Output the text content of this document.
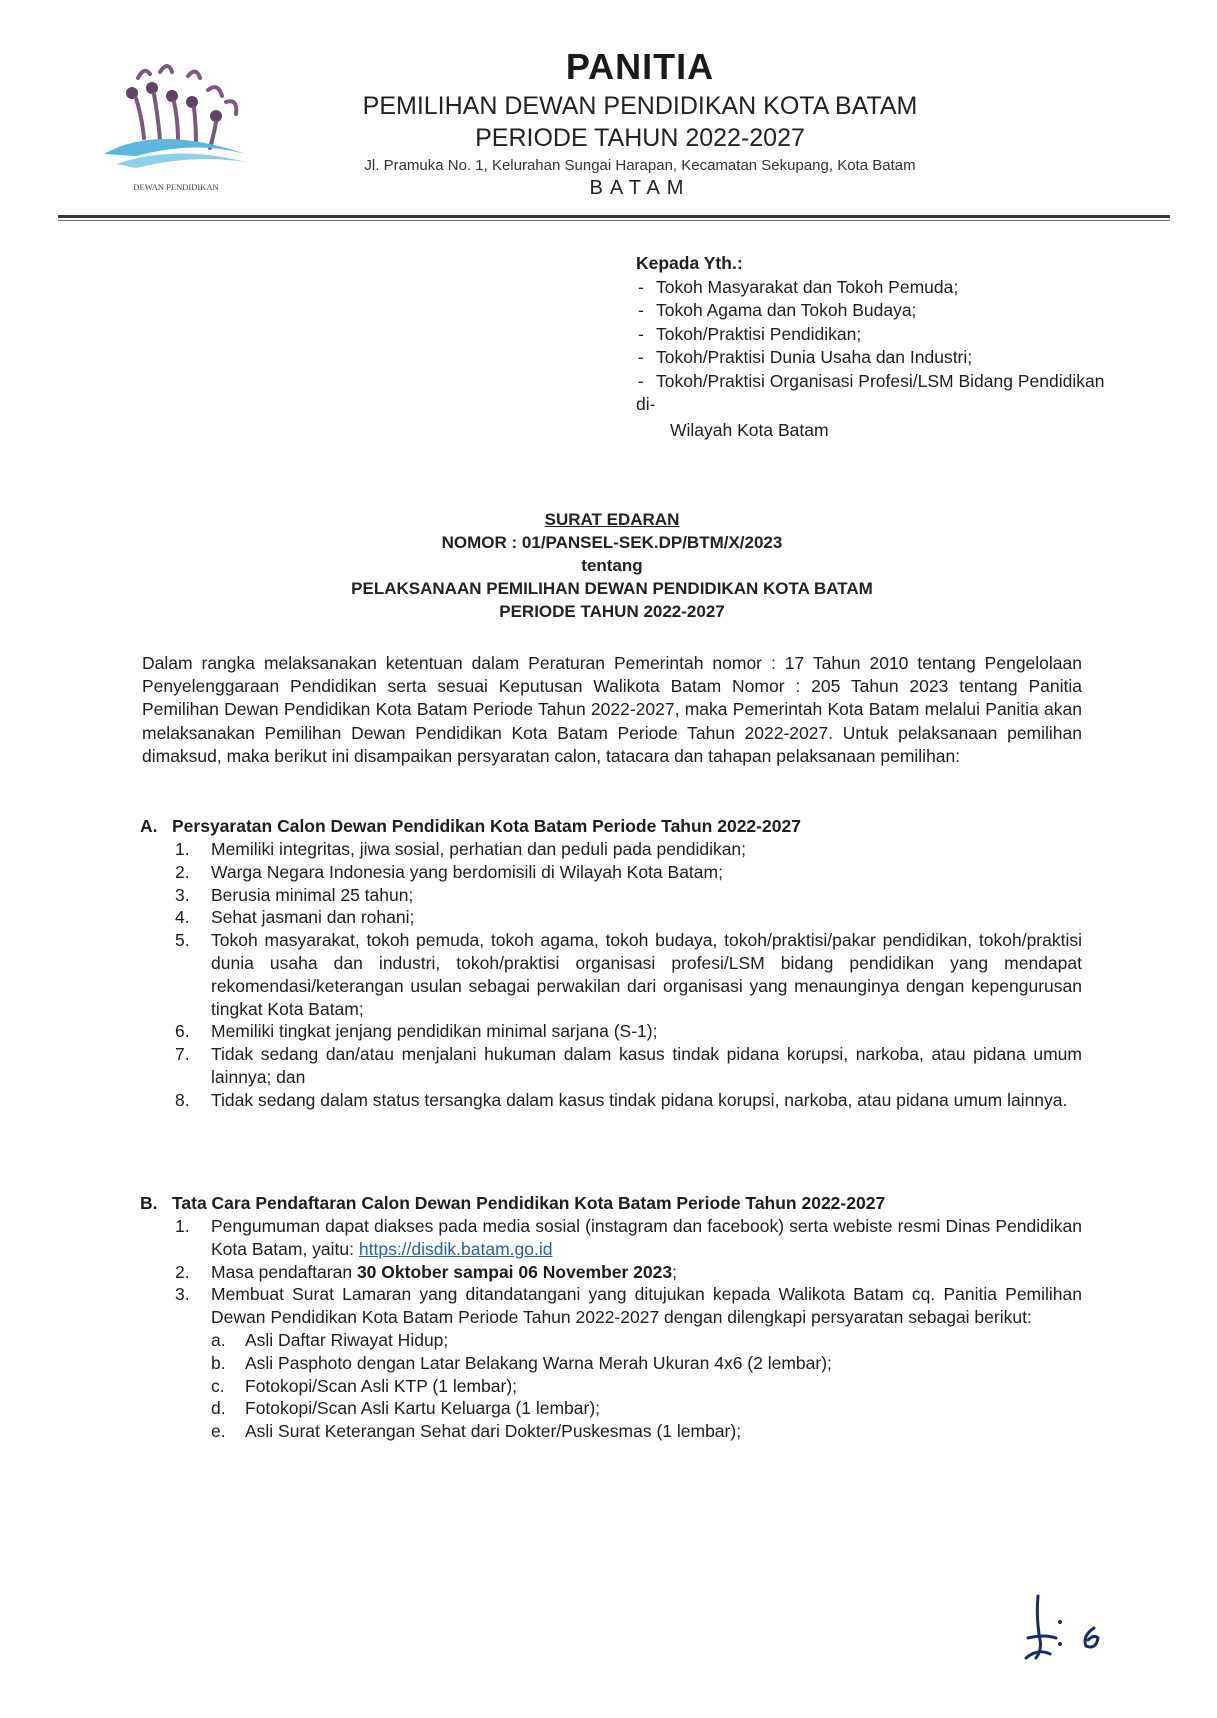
DEWAN PENDIDIKAN
PANITIA
PEMILIHAN DEWAN PENDIDIKAN KOTA BATAM
PERIODE TAHUN 2022-2027
Jl. Pramuka No. 1, Kelurahan Sungai Harapan, Kecamatan Sekupang, Kota Batam
BATAM
Kepada Yth.:
- Tokoh Masyarakat dan Tokoh Pemuda;
- Tokoh Agama dan Tokoh Budaya;
- Tokoh/Praktisi Pendidikan;
- Tokoh/Praktisi Dunia Usaha dan Industri;
- Tokoh/Praktisi Organisasi Profesi/LSM Bidang Pendidikan
di-
Wilayah Kota Batam
SURAT EDARAN
NOMOR : 01/PANSEL-SEK.DP/BTM/X/2023
tentang
PELAKSANAAN PEMILIHAN DEWAN PENDIDIKAN KOTA BATAM
PERIODE TAHUN 2022-2027
Dalam rangka melaksanakan ketentuan dalam Peraturan Pemerintah nomor : 17 Tahun 2010 tentang Pengelolaan Penyelenggaraan Pendidikan serta sesuai Keputusan Walikota Batam Nomor : 205 Tahun 2023 tentang Panitia Pemilihan Dewan Pendidikan Kota Batam Periode Tahun 2022-2027, maka Pemerintah Kota Batam melalui Panitia akan melaksanakan Pemilihan Dewan Pendidikan Kota Batam Periode Tahun 2022-2027. Untuk pelaksanaan pemilihan dimaksud, maka berikut ini disampaikan persyaratan calon, tatacara dan tahapan pelaksanaan pemilihan:
A. Persyaratan Calon Dewan Pendidikan Kota Batam Periode Tahun 2022-2027
1. Memiliki integritas, jiwa sosial, perhatian dan peduli pada pendidikan;
2. Warga Negara Indonesia yang berdomisili di Wilayah Kota Batam;
3. Berusia minimal 25 tahun;
4. Sehat jasmani dan rohani;
5. Tokoh masyarakat, tokoh pemuda, tokoh agama, tokoh budaya, tokoh/praktisi/pakar pendidikan, tokoh/praktisi dunia usaha dan industri, tokoh/praktisi organisasi profesi/LSM bidang pendidikan yang mendapat rekomendasi/keterangan usulan sebagai perwakilan dari organisasi yang menaunginya dengan kepengurusan tingkat Kota Batam;
6. Memiliki tingkat jenjang pendidikan minimal sarjana (S-1);
7. Tidak sedang dan/atau menjalani hukuman dalam kasus tindak pidana korupsi, narkoba, atau pidana umum lainnya; dan
8. Tidak sedang dalam status tersangka dalam kasus tindak pidana korupsi, narkoba, atau pidana umum lainnya.
B. Tata Cara Pendaftaran Calon Dewan Pendidikan Kota Batam Periode Tahun 2022-2027
1. Pengumuman dapat diakses pada media sosial (instagram dan facebook) serta webiste resmi Dinas Pendidikan Kota Batam, yaitu: https://disdik.batam.go.id
2. Masa pendaftaran 30 Oktober sampai 06 November 2023;
3. Membuat Surat Lamaran yang ditandatangani yang ditujukan kepada Walikota Batam cq. Panitia Pemilihan Dewan Pendidikan Kota Batam Periode Tahun 2022-2027 dengan dilengkapi persyaratan sebagai berikut:
a. Asli Daftar Riwayat Hidup;
b. Asli Pasphoto dengan Latar Belakang Warna Merah Ukuran 4x6 (2 lembar);
c. Fotokopi/Scan Asli KTP (1 lembar);
d. Fotokopi/Scan Asli Kartu Keluarga (1 lembar);
e. Asli Surat Keterangan Sehat dari Dokter/Puskesmas (1 lembar);
